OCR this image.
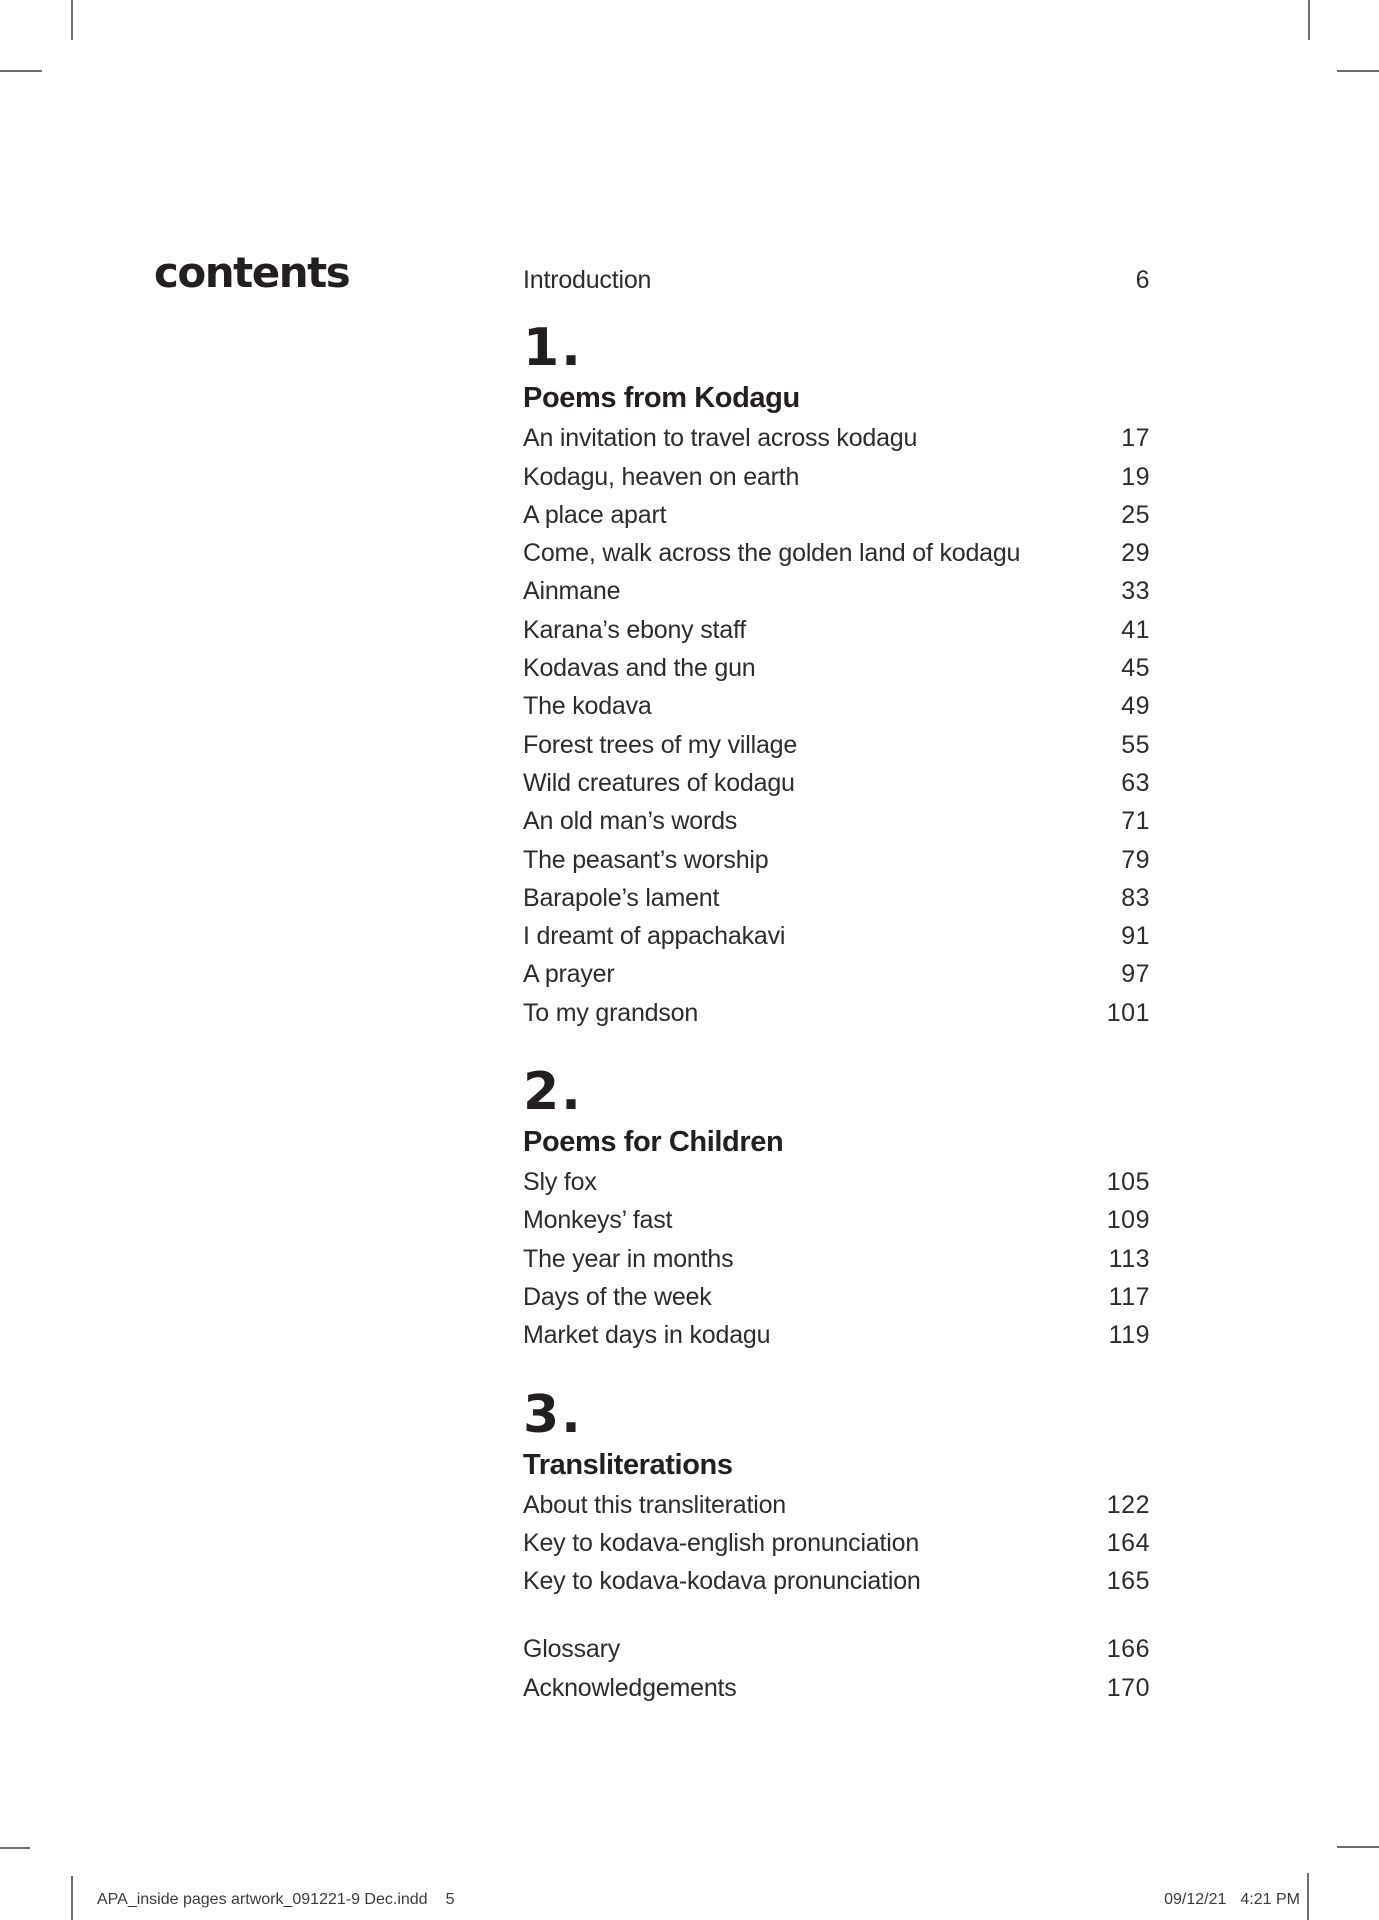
contents	Introduction	6
1.
Poems from Kodagu
An invitation to travel across kodagu	17
Kodagu, heaven on earth	19
A place apart	25
Come, walk across the golden land of kodagu	29
Ainmane	33
Karana’s ebony staff	41
Kodavas and the gun	45
The kodava	49
Forest trees of my village	55
Wild creatures of kodagu	63
An old man’s words	71
The peasant’s worship	79
Barapole’s lament	83
I dreamt of appachakavi	91
A prayer	97
To my grandson	101
2.
Poems for Children
Sly fox	105
Monkeys’ fast	109
The year in months	113
Days of the week	117
Market days in kodagu	119
3.
Transliterations
About this transliteration	122
Key to kodava-english pronunciation	164
Key to kodava-kodava pronunciation	165
Glossary	166
Acknowledgements	170
APA_inside pages artwork_091221-9 Dec.indd 5	09/12/21 4:21 PM
